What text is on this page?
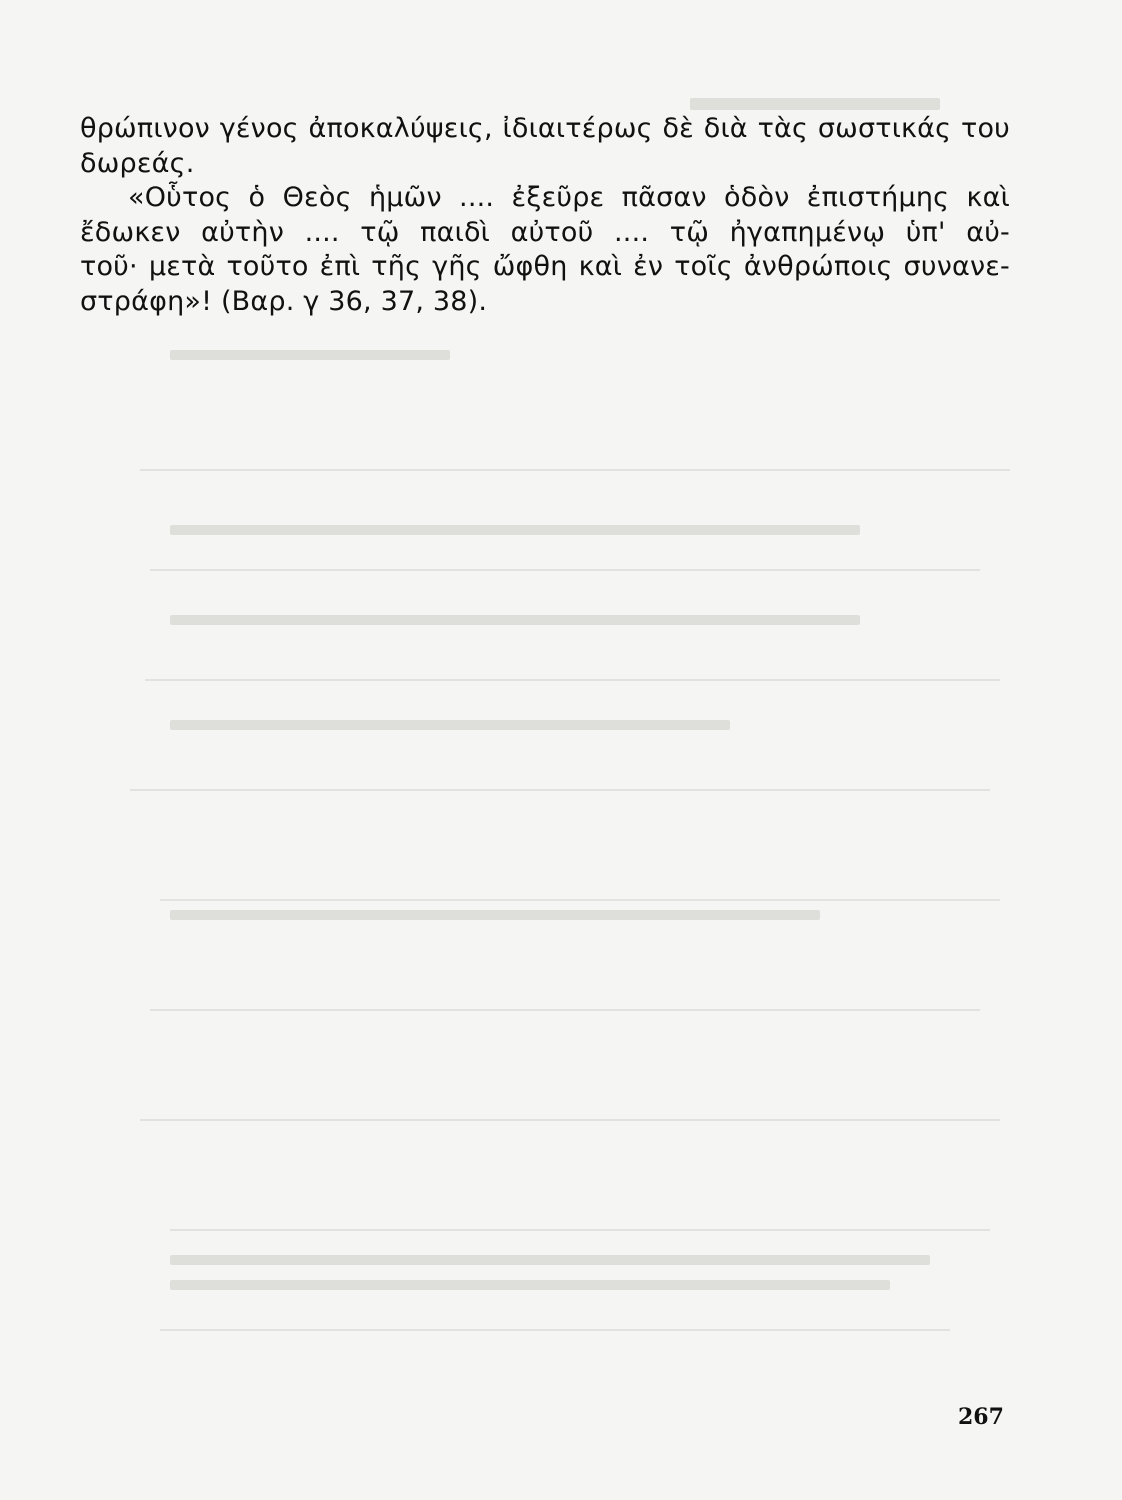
θρώπινον γένος ἀποκαλύψεις, ἰδιαιτέρως δὲ διὰ τὰς σωστικάς του
δωρεάς.
«Οὗτος ὁ Θεὸς ἡμῶν .... ἐξεῦρε πᾶσαν ὁδὸν ἐπιστήμης καὶ
ἔδωκεν αὐτὴν .... τῷ παιδὶ αὐτοῦ .... τῷ ἠγαπημένῳ ὑπ' αὐ-
τοῦ· μετὰ τοῦτο ἐπὶ τῆς γῆς ὤφθη καὶ ἐν τοῖς ἀνθρώποις συνανε-
στράφη»! (Βαρ. γ 36, 37, 38).
267
